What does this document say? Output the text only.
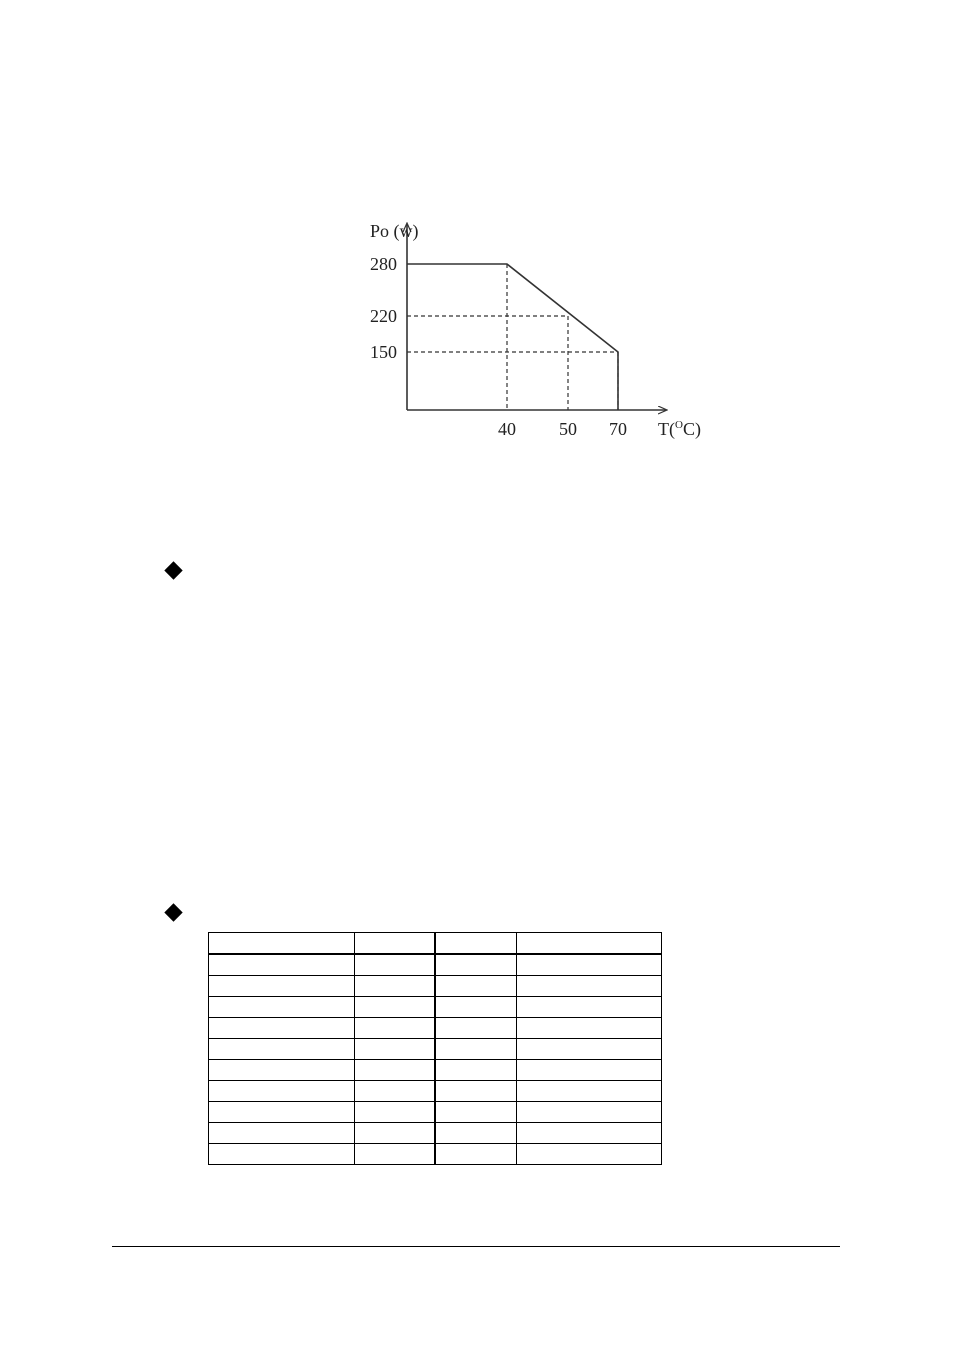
Po (w)
T($^O$C)
40 50 70
280
220
150
